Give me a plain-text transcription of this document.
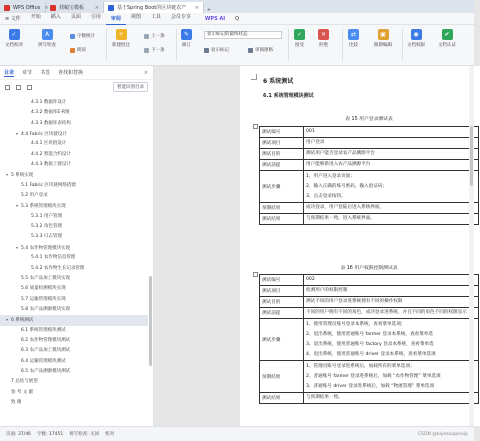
WPS Office × 找稿宝模板	×	基于Spring Boot的区块链农产	×	+
≡ 文件	开始	插入	页面	引用	审阅	视图	工具	会员专享	WPS AI	Q
✓
文档校对
A
拼写检查
字数统计
朗读
+
新建批注
上一条
下一条
✎
修订
显示标记的最终状态
显示标记	审阅窗格
✓
接受
✕
拒绝
⇄
比较
▣
限制编辑
◉
文档权限
✔
文档认证
目录 章节 书签 查找和替换	×
智能识别目录
4.3.1 数据库设计
4.3.2 数据库E-R图
4.3.3 数据库表结构
▾ 4.4 Fabric 区块链设计
4.4.1 区块链设计
4.4.2 智能合约设计
4.4.3 数据上链设计
▾ 5 系统实现
5.1 Fabric 区块链网络搭建
5.2 用户登录
▾ 5.3 系统管理模块实现
5.3.1 用户管理
5.3.2 角色管理
5.3.3 日志管理
▾ 5.4 农作物管理模块实现
5.4.1 农作物信息管理
5.4.2 农作物生长记录管理
5.5 农产品加工模块实现
5.6 质量检测模块实现
5.7 运输管理模块实现
5.8 农产品溯源模块实现
▾ 6 系统测试
6.1 系统管理模块测试
6.2 农作物管理模块测试
6.3 农产品加工模块测试
6.4 运输管理模块测试
6.5 农产品溯源模块测试
7 总结与展望
参 考 文 献
致 谢
6 系统测试
6.1 系统管理模块测试
表 15 用户登录测试表
测试编号	001

测试项目	用户登录

测试目的	测试用户能否登录农产品溯源平台

测试前提	用户能够新进入农产品溯源平台

测试步骤	1、用户进入登录页面；
2、输入正确的账号密码，输入验证码；
3、点击登录按钮。

预期结果	成功登录，用户登陆后进入系统界面。

测试结果	与预期结果一致，进入系统界面。
表 16 用户权限控制测试表
测试编号	002

测试项目	检测用户的权限控制

测试目的	测试不同的用户登录进系统拥有不同的操作权限

测试前提	不同的用户拥有不同的角色，成功登录进系统，并且不同的角色不同的权限显示

测试步骤	1、使用管理员账号登录本系统，查看菜单选项；
2、退出系统，使用普通账号 farmer 登录本系统，查看菜单选
3、退出系统，使用普通账号 factory 登录本系统，查看菜单选
4、退出系统，使用普通账号 driver 登录本系统，查看菜单选项

预期结果	1、管理员账号登录进系统后，加载所有的菜单选项；
2、普通账号 farmer 登录进系统后，加载 “农作物管理” 菜单选项
3、普通账号 driver 登录进系统后，加载 “物流管理” 菜单选项

测试结果	与预期结果一致。
页面: 37/46 字数: 17451 拼写检查: 关闭 校对	CSDN @biyezuopinvip
